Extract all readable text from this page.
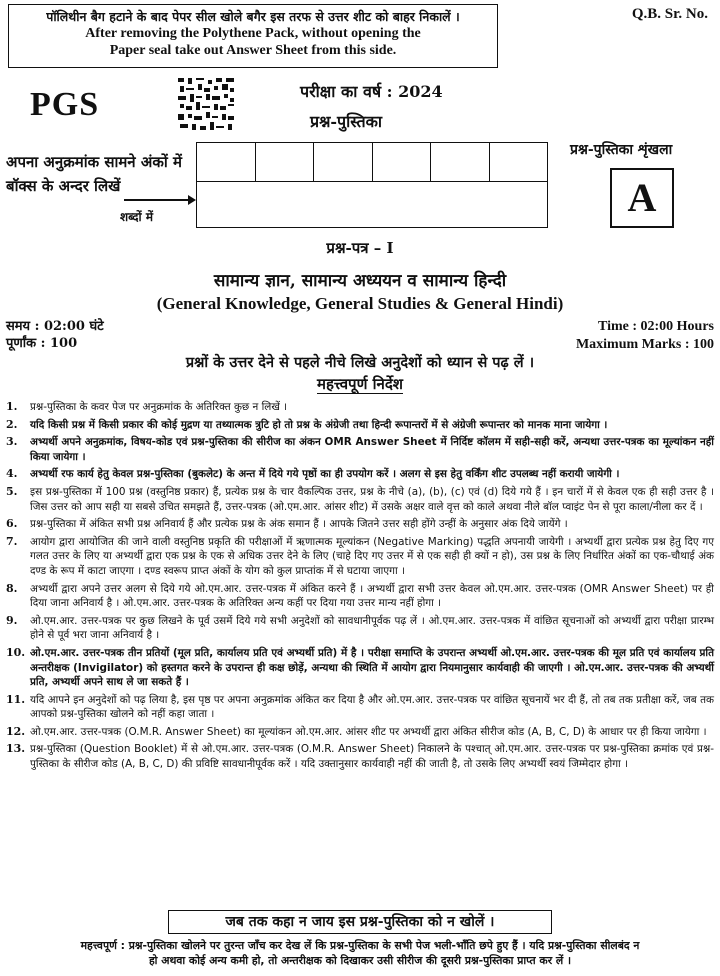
पॉलिथीन बैग हटाने के बाद पेपर सील खोले बगैर इस तरफ से उत्तर शीट को बाहर निकालें ।
After removing the Polythene Pack, without opening the
Paper seal take out Answer Sheet from this side.
Q.B. Sr. No.
PGS	परीक्षा का वर्ष : 2024
प्रश्न-पुस्तिका
अपना अनुक्रमांक सामने अंकों में
बॉक्स के अन्दर लिखें
शब्दों में
प्रश्न-पुस्तिका शृंखला
A
प्रश्न-पत्र – I
सामान्य ज्ञान, सामान्य अध्ययन व सामान्य हिन्दी
(General Knowledge, General Studies & General Hindi)
समय : 02:00 घंटे
पूर्णांक : 100
Time : 02:00 Hours
Maximum Marks : 100
प्रश्नों के उत्तर देने से पहले नीचे लिखे अनुदेशों को ध्यान से पढ़ लें ।
महत्त्वपूर्ण निर्देश
1.	प्रश्न-पुस्तिका के कवर पेज पर अनुक्रमांक के अतिरिक्त कुछ न लिखें ।
2.	यदि किसी प्रश्न में किसी प्रकार की कोई मुद्रण या तथ्यात्मक त्रुटि हो तो प्रश्न के अंग्रेजी तथा हिन्दी रूपान्तरों में से अंग्रेजी रूपान्तर को मानक माना जायेगा ।
3.	अभ्यर्थी अपने अनुक्रमांक, विषय-कोड एवं प्रश्न-पुस्तिका की सीरीज का अंकन OMR Answer Sheet में निर्दिष्ट कॉलम में सही-सही करें, अन्यथा उत्तर-पत्रक का मूल्यांकन नहीं किया जायेगा ।
4.	अभ्यर्थी रफ कार्य हेतु केवल प्रश्न-पुस्तिका (बुकलेट) के अन्त में दिये गये पृष्ठों का ही उपयोग करें । अलग से इस हेतु वर्किंग शीट उपलब्ध नहीं करायी जायेगी ।
5.	इस प्रश्न-पुस्तिका में 100 प्रश्न (वस्तुनिष्ठ प्रकार) हैं, प्रत्येक प्रश्न के चार वैकल्पिक उत्तर, प्रश्न के नीचे (a), (b), (c) एवं (d) दिये गये हैं । इन चारों में से केवल एक ही सही उत्तर है । जिस उत्तर को आप सही या सबसे उचित समझते हैं, उत्तर-पत्रक (ओ.एम.आर. आंसर शीट) में उसके अक्षर वाले वृत्त को काले अथवा नीले बॉल प्वाइंट पेन से पूरा काला/नीला कर दें ।
6.	प्रश्न-पुस्तिका में अंकित सभी प्रश्न अनिवार्य हैं और प्रत्येक प्रश्न के अंक समान हैं । आपके जितने उत्तर सही होंगे उन्हीं के अनुसार अंक दिये जायेंगे ।
7.	आयोग द्वारा आयोजित की जाने वाली वस्तुनिष्ठ प्रकृति की परीक्षाओं में ऋणात्मक मूल्यांकन (Negative Marking) पद्धति अपनायी जायेगी । अभ्यर्थी द्वारा प्रत्येक प्रश्न हेतु दिए गए गलत उत्तर के लिए या अभ्यर्थी द्वारा एक प्रश्न के एक से अधिक उत्तर देने के लिए (चाहे दिए गए उत्तर में से एक सही ही क्यों न हो), उस प्रश्न के लिए निर्धारित अंकों का एक-चौथाई अंक दण्ड के रूप में काटा जाएगा । दण्ड स्वरूप प्राप्त अंकों के योग को कुल प्राप्तांक में से घटाया जाएगा ।
8.	अभ्यर्थी द्वारा अपने उत्तर अलग से दिये गये ओ.एम.आर. उत्तर-पत्रक में अंकित करने हैं । अभ्यर्थी द्वारा सभी उत्तर केवल ओ.एम.आर. उत्तर-पत्रक (OMR Answer Sheet) पर ही दिया जाना अनिवार्य है । ओ.एम.आर. उत्तर-पत्रक के अतिरिक्त अन्य कहीं पर दिया गया उत्तर मान्य नहीं होगा ।
9.	ओ.एम.आर. उत्तर-पत्रक पर कुछ लिखने के पूर्व उसमें दिये गये सभी अनुदेशों को सावधानीपूर्वक पढ़ लें । ओ.एम.आर. उत्तर-पत्रक में वांछित सूचनाओं को अभ्यर्थी द्वारा परीक्षा प्रारम्भ होने से पूर्व भरा जाना अनिवार्य है ।
10. ओ.एम.आर. उत्तर-पत्रक तीन प्रतियों (मूल प्रति, कार्यालय प्रति एवं अभ्यर्थी प्रति) में है । परीक्षा समाप्ति के उपरान्त अभ्यर्थी ओ.एम.आर. उत्तर-पत्रक की मूल प्रति एवं कार्यालय प्रति अन्तरीक्षक (Invigilator) को हस्तगत करने के उपरान्त ही कक्ष छोड़ें, अन्यथा की स्थिति में आयोग द्वारा नियमानुसार कार्यवाही की जाएगी । ओ.एम.आर. उत्तर-पत्रक की अभ्यर्थी प्रति, अभ्यर्थी अपने साथ ले जा सकते हैं ।
11. यदि आपने इन अनुदेशों को पढ़ लिया है, इस पृष्ठ पर अपना अनुक्रमांक अंकित कर दिया है और ओ.एम.आर. उत्तर-पत्रक पर वांछित सूचनायें भर दी हैं, तो तब तक प्रतीक्षा करें, जब तक आपको प्रश्न-पुस्तिका खोलने को नहीं कहा जाता ।
12. ओ.एम.आर. उत्तर-पत्रक (O.M.R. Answer Sheet) का मूल्यांकन ओ.एम.आर. आंसर शीट पर अभ्यर्थी द्वारा अंकित सीरीज कोड (A, B, C, D) के आधार पर ही किया जायेगा ।
13. प्रश्न-पुस्तिका (Question Booklet) में से ओ.एम.आर. उत्तर-पत्रक (O.M.R. Answer Sheet) निकालने के पश्चात् ओ.एम.आर. उत्तर-पत्रक पर प्रश्न-पुस्तिका क्रमांक एवं प्रश्न-पुस्तिका के सीरीज कोड (A, B, C, D) की प्रविष्टि सावधानीपूर्वक करें । यदि उक्तानुसार कार्यवाही नहीं की जाती है, तो उसके लिए अभ्यर्थी स्वयं जिम्मेदार होगा ।
जब तक कहा न जाय इस प्रश्न-पुस्तिका को न खोलें ।
महत्त्वपूर्ण : प्रश्न-पुस्तिका खोलने पर तुरन्त जाँच कर देख लें कि प्रश्न-पुस्तिका के सभी पेज भली-भाँति छपे हुए हैं । यदि प्रश्न-पुस्तिका सीलबंद न
हो अथवा कोई अन्य कमी हो, तो अन्तरीक्षक को दिखाकर उसी सीरीज की दूसरी प्रश्न-पुस्तिका प्राप्त कर लें ।
